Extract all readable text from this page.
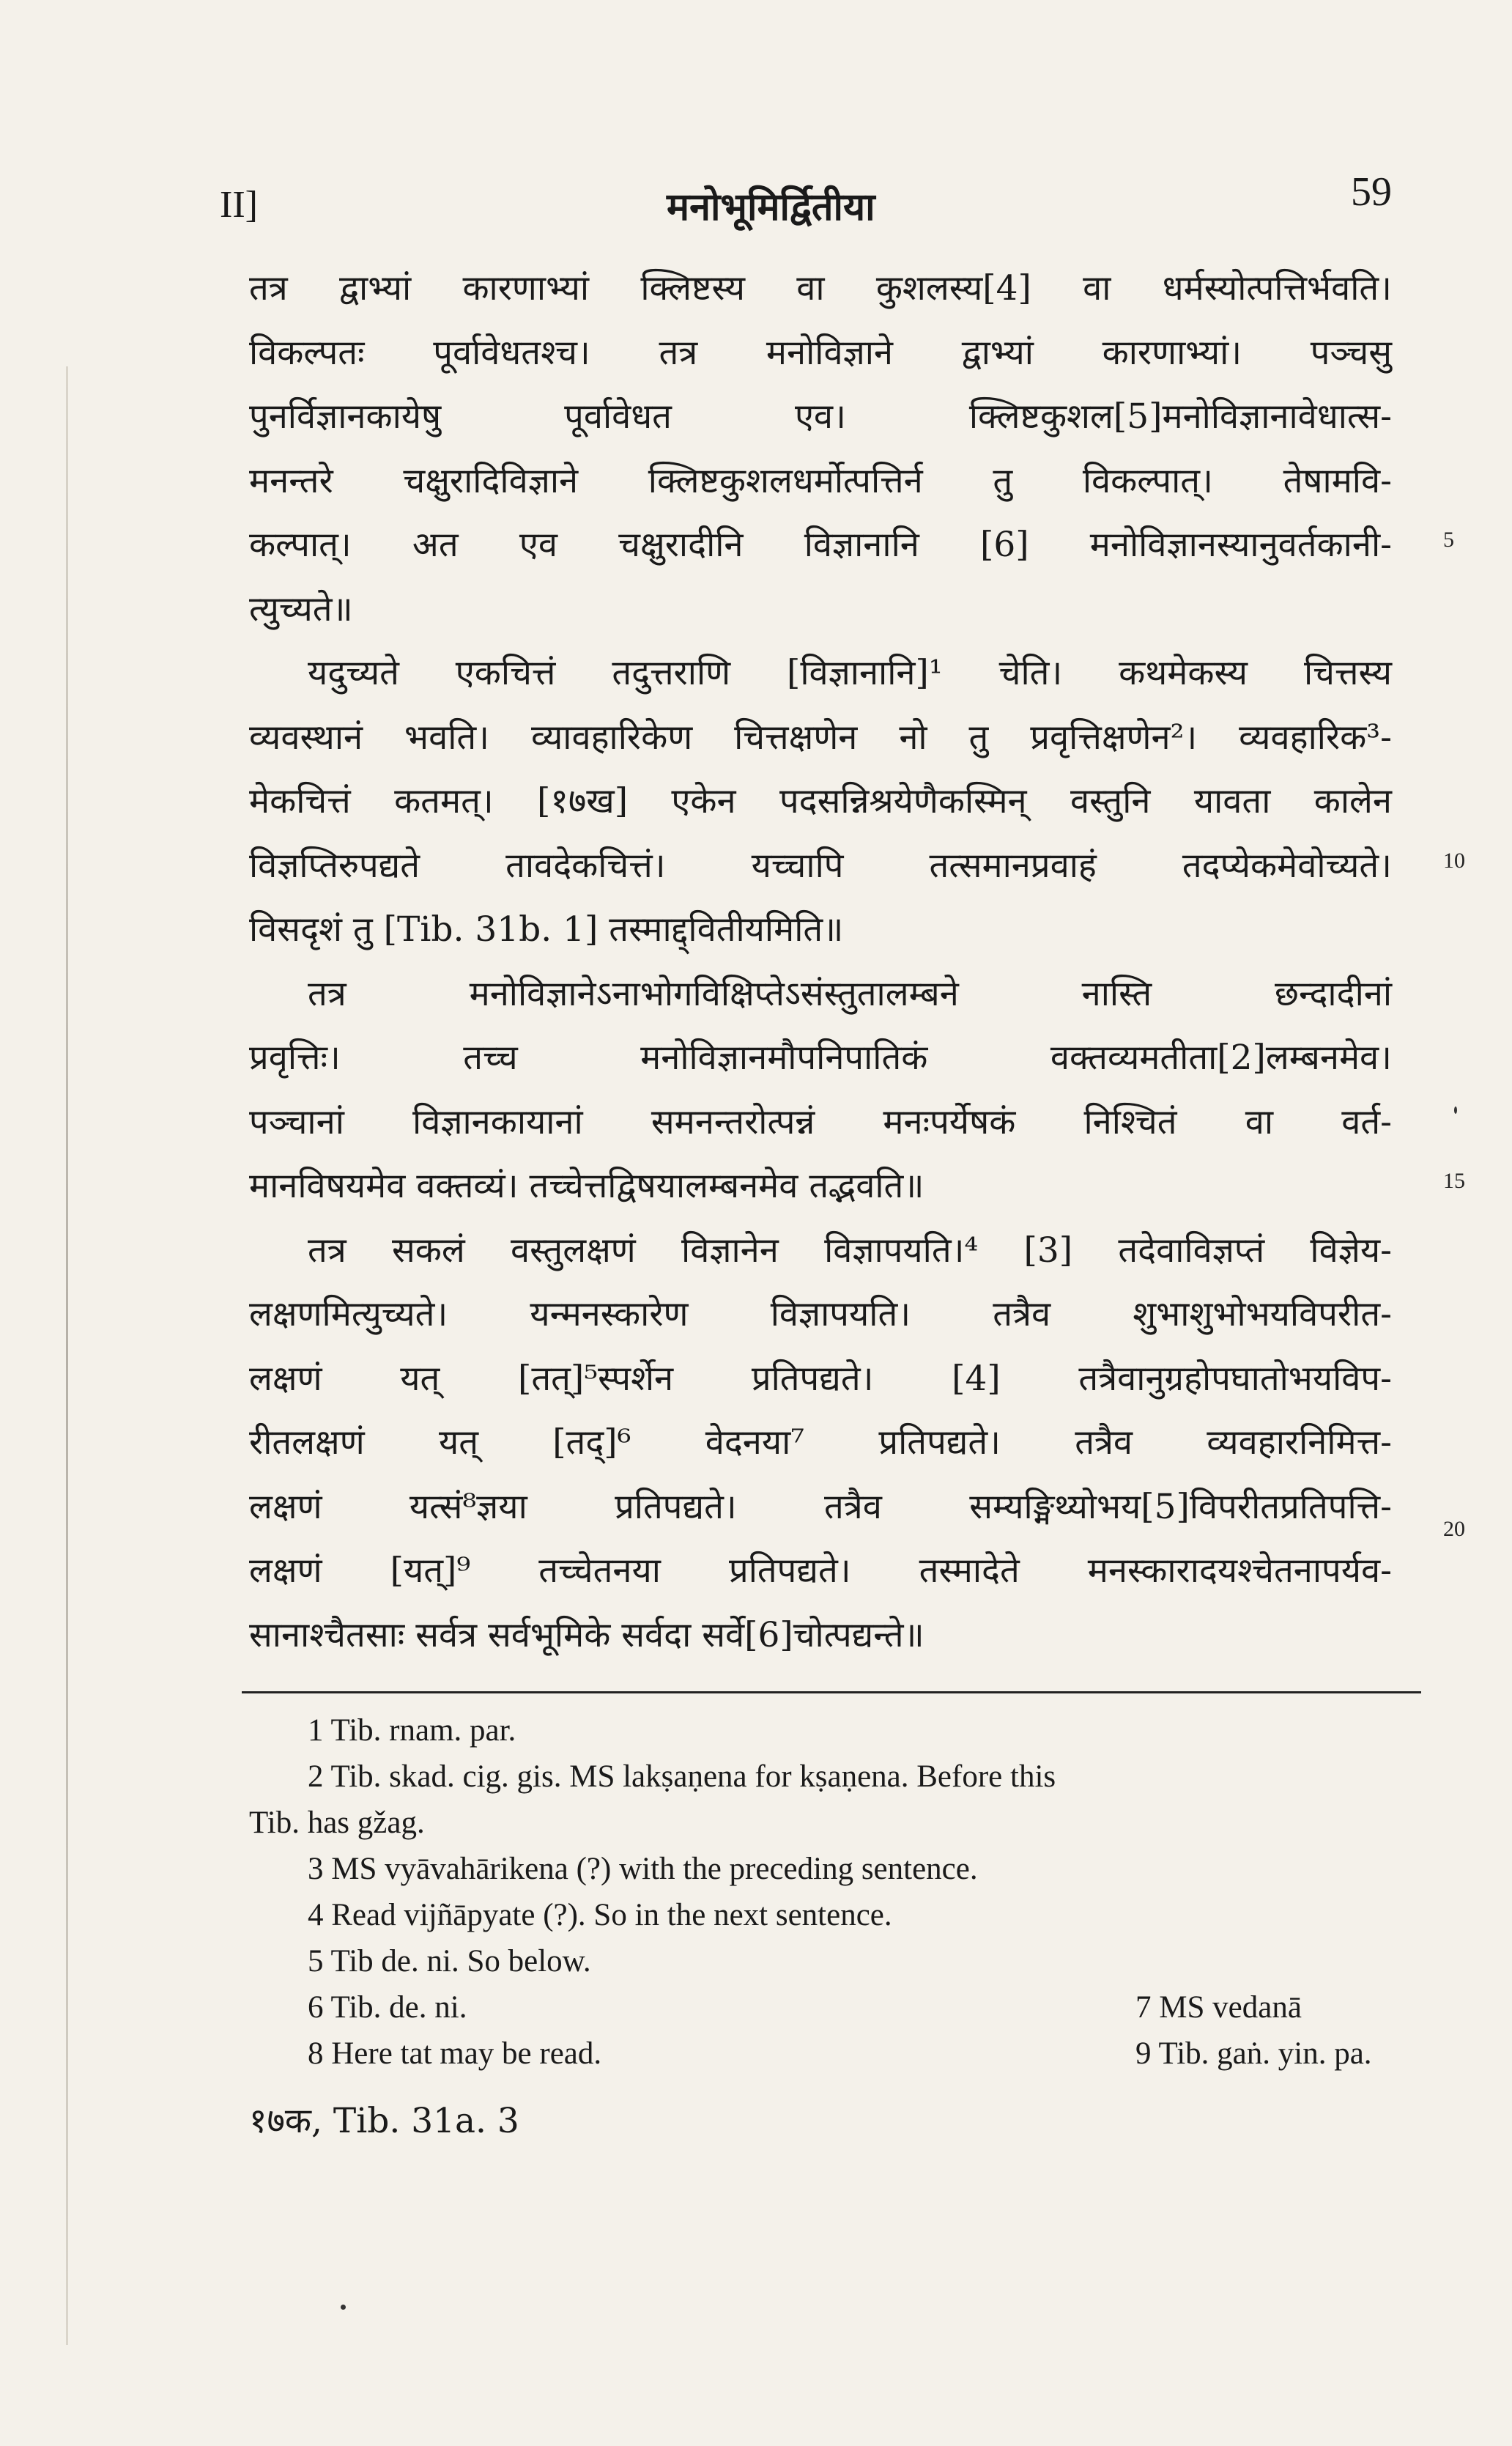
II]	मनोभूमिर्द्वितीया	59
तत्र द्वाभ्यां कारणाभ्यां क्लिष्टस्य वा कुशलस्य[4] वा धर्मस्योत्पत्तिर्भवति।
विकल्पतः पूर्वावेधतश्च। तत्र मनोविज्ञाने द्वाभ्यां कारणाभ्यां। पञ्चसु
पुनर्विज्ञानकायेषु पूर्वावेधत एव। क्लिष्टकुशल[5]मनोविज्ञानावेधात्स-
मनन्तरे चक्षुरादिविज्ञाने क्लिष्टकुशलधर्मोत्पत्तिर्न तु विकल्पात्। तेषामवि-
कल्पात्। अत एव चक्षुरादीनि विज्ञानानि [6] मनोविज्ञानस्यानुवर्तकानी-
त्युच्यते॥
यदुच्यते एकचित्तं तदुत्तराणि [विज्ञानानि]¹ चेति। कथमेकस्य चित्तस्य
व्यवस्थानं भवति। व्यावहारिकेण चित्तक्षणेन नो तु प्रवृत्तिक्षणेन²। व्यवहारिक³-
मेकचित्तं कतमत्। [१७ख] एकेन पदसन्निश्रयेणैकस्मिन् वस्तुनि यावता कालेन
विज्ञप्तिरुपद्यते तावदेकचित्तं। यच्चापि तत्समानप्रवाहं तदप्येकमेवोच्यते।
विसदृशं तु [Tib. 31b. 1] तस्माद्द्वितीयमिति॥
तत्र मनोविज्ञानेऽनाभोगविक्षिप्तेऽसंस्तुतालम्बने नास्ति छन्दादीनां
प्रवृत्तिः। तच्च मनोविज्ञानमौपनिपातिकं वक्तव्यमतीता[2]लम्बनमेव।
पञ्चानां विज्ञानकायानां समनन्तरोत्पन्नं मनःपर्येषकं निश्चितं वा वर्त-
मानविषयमेव वक्तव्यं। तच्चेत्तद्विषयालम्बनमेव तद्भवति॥
तत्र सकलं वस्तुलक्षणं विज्ञानेन विज्ञापयति।⁴ [3] तदेवाविज्ञप्तं विज्ञेय-
लक्षणमित्युच्यते। यन्मनस्कारेण विज्ञापयति। तत्रैव शुभाशुभोभयविपरीत-
लक्षणं यत् [तत्]⁵स्पर्शेन प्रतिपद्यते। [4] तत्रैवानुग्रहोपघातोभयविप-
रीतलक्षणं यत् [तद्]⁶ वेदनया⁷ प्रतिपद्यते। तत्रैव व्यवहारनिमित्त-
लक्षणं यत्सं⁸ज्ञया प्रतिपद्यते। तत्रैव सम्यङ्मिथ्योभय[5]विपरीतप्रतिपत्ति-
लक्षणं [यत्]⁹ तच्चेतनया प्रतिपद्यते। तस्मादेते मनस्कारादयश्चेतनापर्यव-
सानाश्चैतसाः सर्वत्र सर्वभूमिके सर्वदा सर्वे[6]चोत्पद्यन्ते॥
5
10
15
20
1 Tib. rnam. par.
2 Tib. skad. cig. gis. MS lakṣaṇena for kṣaṇena. Before this
Tib. has gžag.
3 MS vyāvahārikena (?) with the preceding sentence.
4 Read vijñāpyate (?). So in the next sentence.
5 Tib de. ni. So below.
6 Tib. de. ni.	7 MS vedanā
8 Here tat may be read.	9 Tib. gaṅ. yin. pa.
१७क, Tib. 31a. 3
